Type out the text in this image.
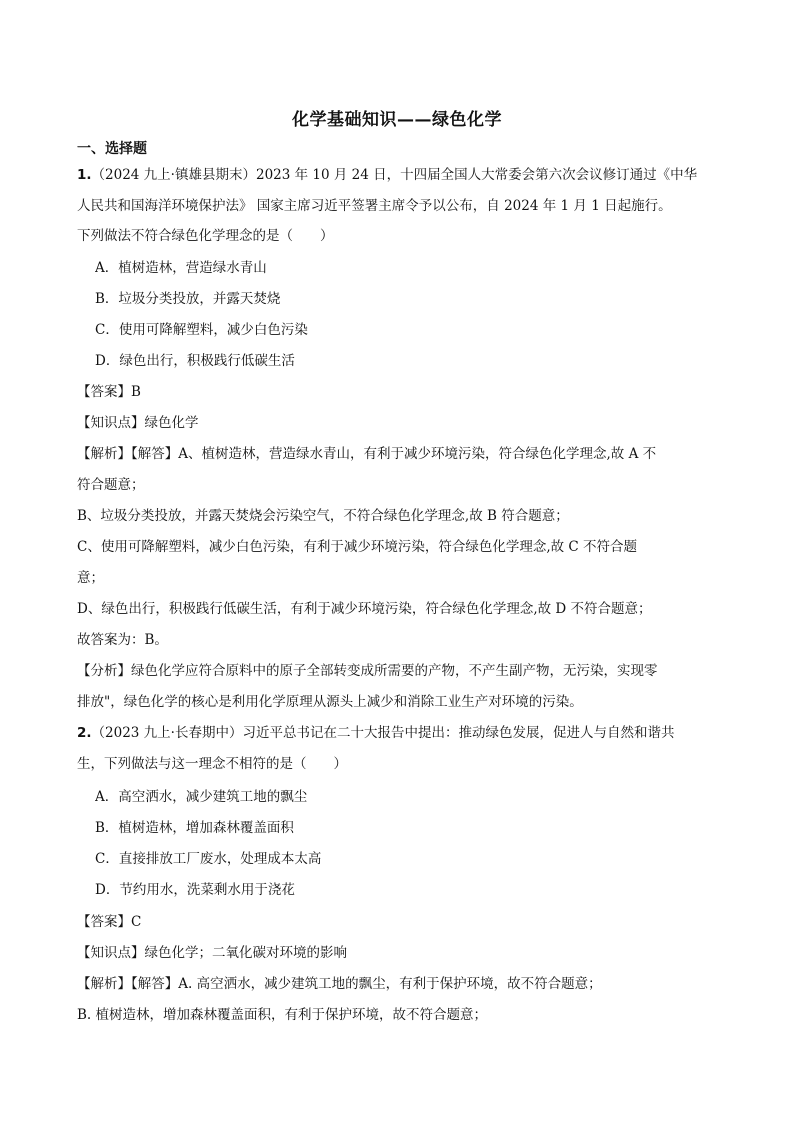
化学基础知识——绿色化学
一、选择题
1.（2024 九上·镇雄县期末）2023 年 10 月 24 日，十四届全国人大常委会第六次会议修订通过《中华
人民共和国海洋环境保护法》 国家主席习近平签署主席令予以公布，自 2024 年 1 月 1 日起施行。
下列做法不符合绿色化学理念的是（　　）
A．植树造林，营造绿水青山
B．垃圾分类投放，并露天焚烧
C．使用可降解塑料，减少白色污染
D．绿色出行，积极践行低碳生活
【答案】B
【知识点】绿色化学
【解析】【解答】A、植树造林，营造绿水青山，有利于减少环境污染，符合绿色化学理念,故 A 不
符合题意；
B、垃圾分类投放，并露天焚烧会污染空气，不符合绿色化学理念,故 B 符合题意；
C、使用可降解塑料，减少白色污染，有利于减少环境污染，符合绿色化学理念,故 C 不符合题
意；
D、绿色出行，积极践行低碳生活，有利于减少环境污染，符合绿色化学理念,故 D 不符合题意；
故答案为：B。
【分析】绿色化学应符合原料中的原子全部转变成所需要的产物，不产生副产物，无污染，实现零
排放"，绿色化学的核心是利用化学原理从源头上减少和消除工业生产对环境的污染。
2.（2023 九上·长春期中）习近平总书记在二十大报告中提出：推动绿色发展，促进人与自然和谐共
生，下列做法与这一理念不相符的是（　　）
A．高空洒水，减少建筑工地的飘尘
B．植树造林，增加森林覆盖面积
C．直接排放工厂废水，处理成本太高
D．节约用水，洗菜剩水用于浇花
【答案】C
【知识点】绿色化学；二氧化碳对环境的影响
【解析】【解答】A. 高空洒水，减少建筑工地的飘尘，有利于保护环境，故不符合题意；
B. 植树造林，增加森林覆盖面积，有利于保护环境，故不符合题意；
